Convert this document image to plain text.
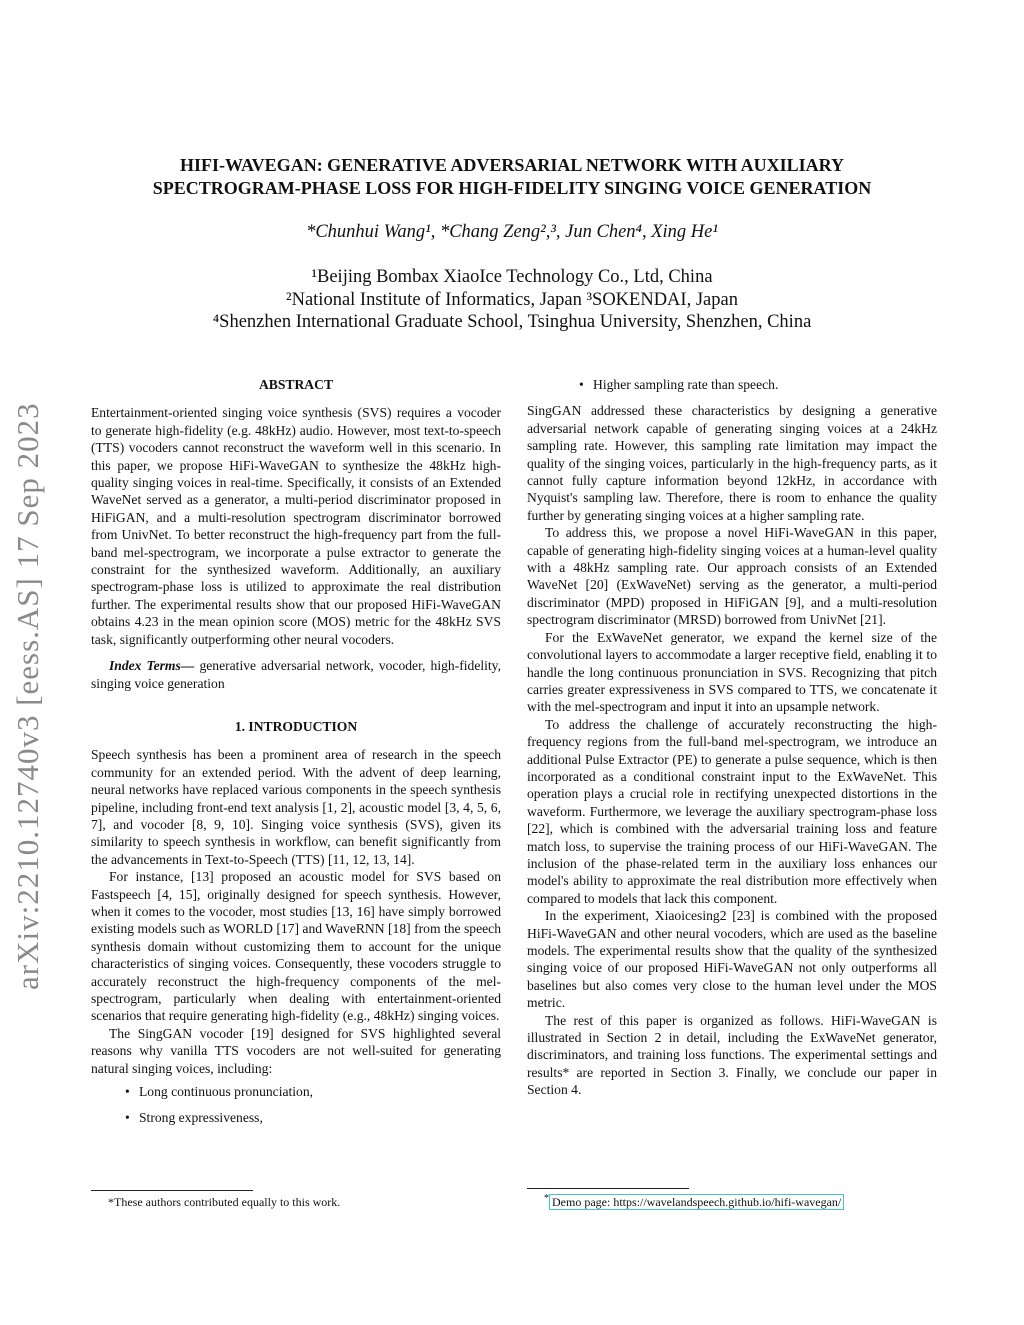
arXiv:2210.12740v3 [eess.AS] 17 Sep 2023
HIFI-WAVEGAN: GENERATIVE ADVERSARIAL NETWORK WITH AUXILIARY
SPECTROGRAM-PHASE LOSS FOR HIGH-FIDELITY SINGING VOICE GENERATION
*Chunhui Wang¹, *Chang Zeng²,³, Jun Chen⁴, Xing He¹
¹Beijing Bombax XiaoIce Technology Co., Ltd, China
²National Institute of Informatics, Japan ³SOKENDAI, Japan
⁴Shenzhen International Graduate School, Tsinghua University, Shenzhen, China
ABSTRACT

Entertainment-oriented singing voice synthesis (SVS) requires a vocoder to generate high-fidelity (e.g. 48kHz) audio. However, most text-to-speech (TTS) vocoders cannot reconstruct the waveform well in this scenario. In this paper, we propose HiFi-WaveGAN to synthesize the 48kHz high-quality singing voices in real-time. Specifically, it consists of an Extended WaveNet served as a generator, a multi-period discriminator proposed in HiFiGAN, and a multi-resolution spectrogram discriminator borrowed from UnivNet. To better reconstruct the high-frequency part from the full-band mel-spectrogram, we incorporate a pulse extractor to generate the constraint for the synthesized waveform. Additionally, an auxiliary spectrogram-phase loss is utilized to approximate the real distribution further. The experimental results show that our proposed HiFi-WaveGAN obtains 4.23 in the mean opinion score (MOS) metric for the 48kHz SVS task, significantly outperforming other neural vocoders.

Index Terms— generative adversarial network, vocoder, high-fidelity, singing voice generation
1. INTRODUCTION

Speech synthesis has been a prominent area of research in the speech community for an extended period. With the advent of deep learning, neural networks have replaced various components in the speech synthesis pipeline, including front-end text analysis [1, 2], acoustic model [3, 4, 5, 6, 7], and vocoder [8, 9, 10]. Singing voice synthesis (SVS), given its similarity to speech synthesis in workflow, can benefit significantly from the advancements in Text-to-Speech (TTS) [11, 12, 13, 14].

For instance, [13] proposed an acoustic model for SVS based on Fastspeech [4, 15], originally designed for speech synthesis. However, when it comes to the vocoder, most studies [13, 16] have simply borrowed existing models such as WORLD [17] and WaveRNN [18] from the speech synthesis domain without customizing them to account for the unique characteristics of singing voices. Consequently, these vocoders struggle to accurately reconstruct the high-frequency components of the mel-spectrogram, particularly when dealing with entertainment-oriented scenarios that require generating high-fidelity (e.g., 48kHz) singing voices.

The SingGAN vocoder [19] designed for SVS highlighted several reasons why vanilla TTS vocoders are not well-suited for generating natural singing voices, including:

• Long continuous pronunciation,
• Strong expressiveness,
• Higher sampling rate than speech.

SingGAN addressed these characteristics by designing a generative adversarial network capable of generating singing voices at a 24kHz sampling rate. However, this sampling rate limitation may impact the quality of the singing voices, particularly in the high-frequency parts, as it cannot fully capture information beyond 12kHz, in accordance with Nyquist's sampling law. Therefore, there is room to enhance the quality further by generating singing voices at a higher sampling rate.

To address this, we propose a novel HiFi-WaveGAN in this paper, capable of generating high-fidelity singing voices at a human-level quality with a 48kHz sampling rate. Our approach consists of an Extended WaveNet [20] (ExWaveNet) serving as the generator, a multi-period discriminator (MPD) proposed in HiFiGAN [9], and a multi-resolution spectrogram discriminator (MRSD) borrowed from UnivNet [21].

For the ExWaveNet generator, we expand the kernel size of the convolutional layers to accommodate a larger receptive field, enabling it to handle the long continuous pronunciation in SVS. Recognizing that pitch carries greater expressiveness in SVS compared to TTS, we concatenate it with the mel-spectrogram and input it into an upsample network.

To address the challenge of accurately reconstructing the high-frequency regions from the full-band mel-spectrogram, we introduce an additional Pulse Extractor (PE) to generate a pulse sequence, which is then incorporated as a conditional constraint input to the ExWaveNet. This operation plays a crucial role in rectifying unexpected distortions in the waveform. Furthermore, we leverage the auxiliary spectrogram-phase loss [22], which is combined with the adversarial training loss and feature match loss, to supervise the training process of our HiFi-WaveGAN. The inclusion of the phase-related term in the auxiliary loss enhances our model's ability to approximate the real distribution more effectively when compared to models that lack this component.

In the experiment, Xiaoicesing2 [23] is combined with the proposed HiFi-WaveGAN and other neural vocoders, which are used as the baseline models. The experimental results show that the quality of the synthesized singing voice of our proposed HiFi-WaveGAN not only outperforms all baselines but also comes very close to the human level under the MOS metric.

The rest of this paper is organized as follows. HiFi-WaveGAN is illustrated in Section 2 in detail, including the ExWaveNet generator, discriminators, and training loss functions. The experimental settings and results* are reported in Section 3. Finally, we conclude our paper in Section 4.

*These authors contributed equally to this work.	* Demo page: https://wavelandspeech.github.io/hifi-wavegan/
